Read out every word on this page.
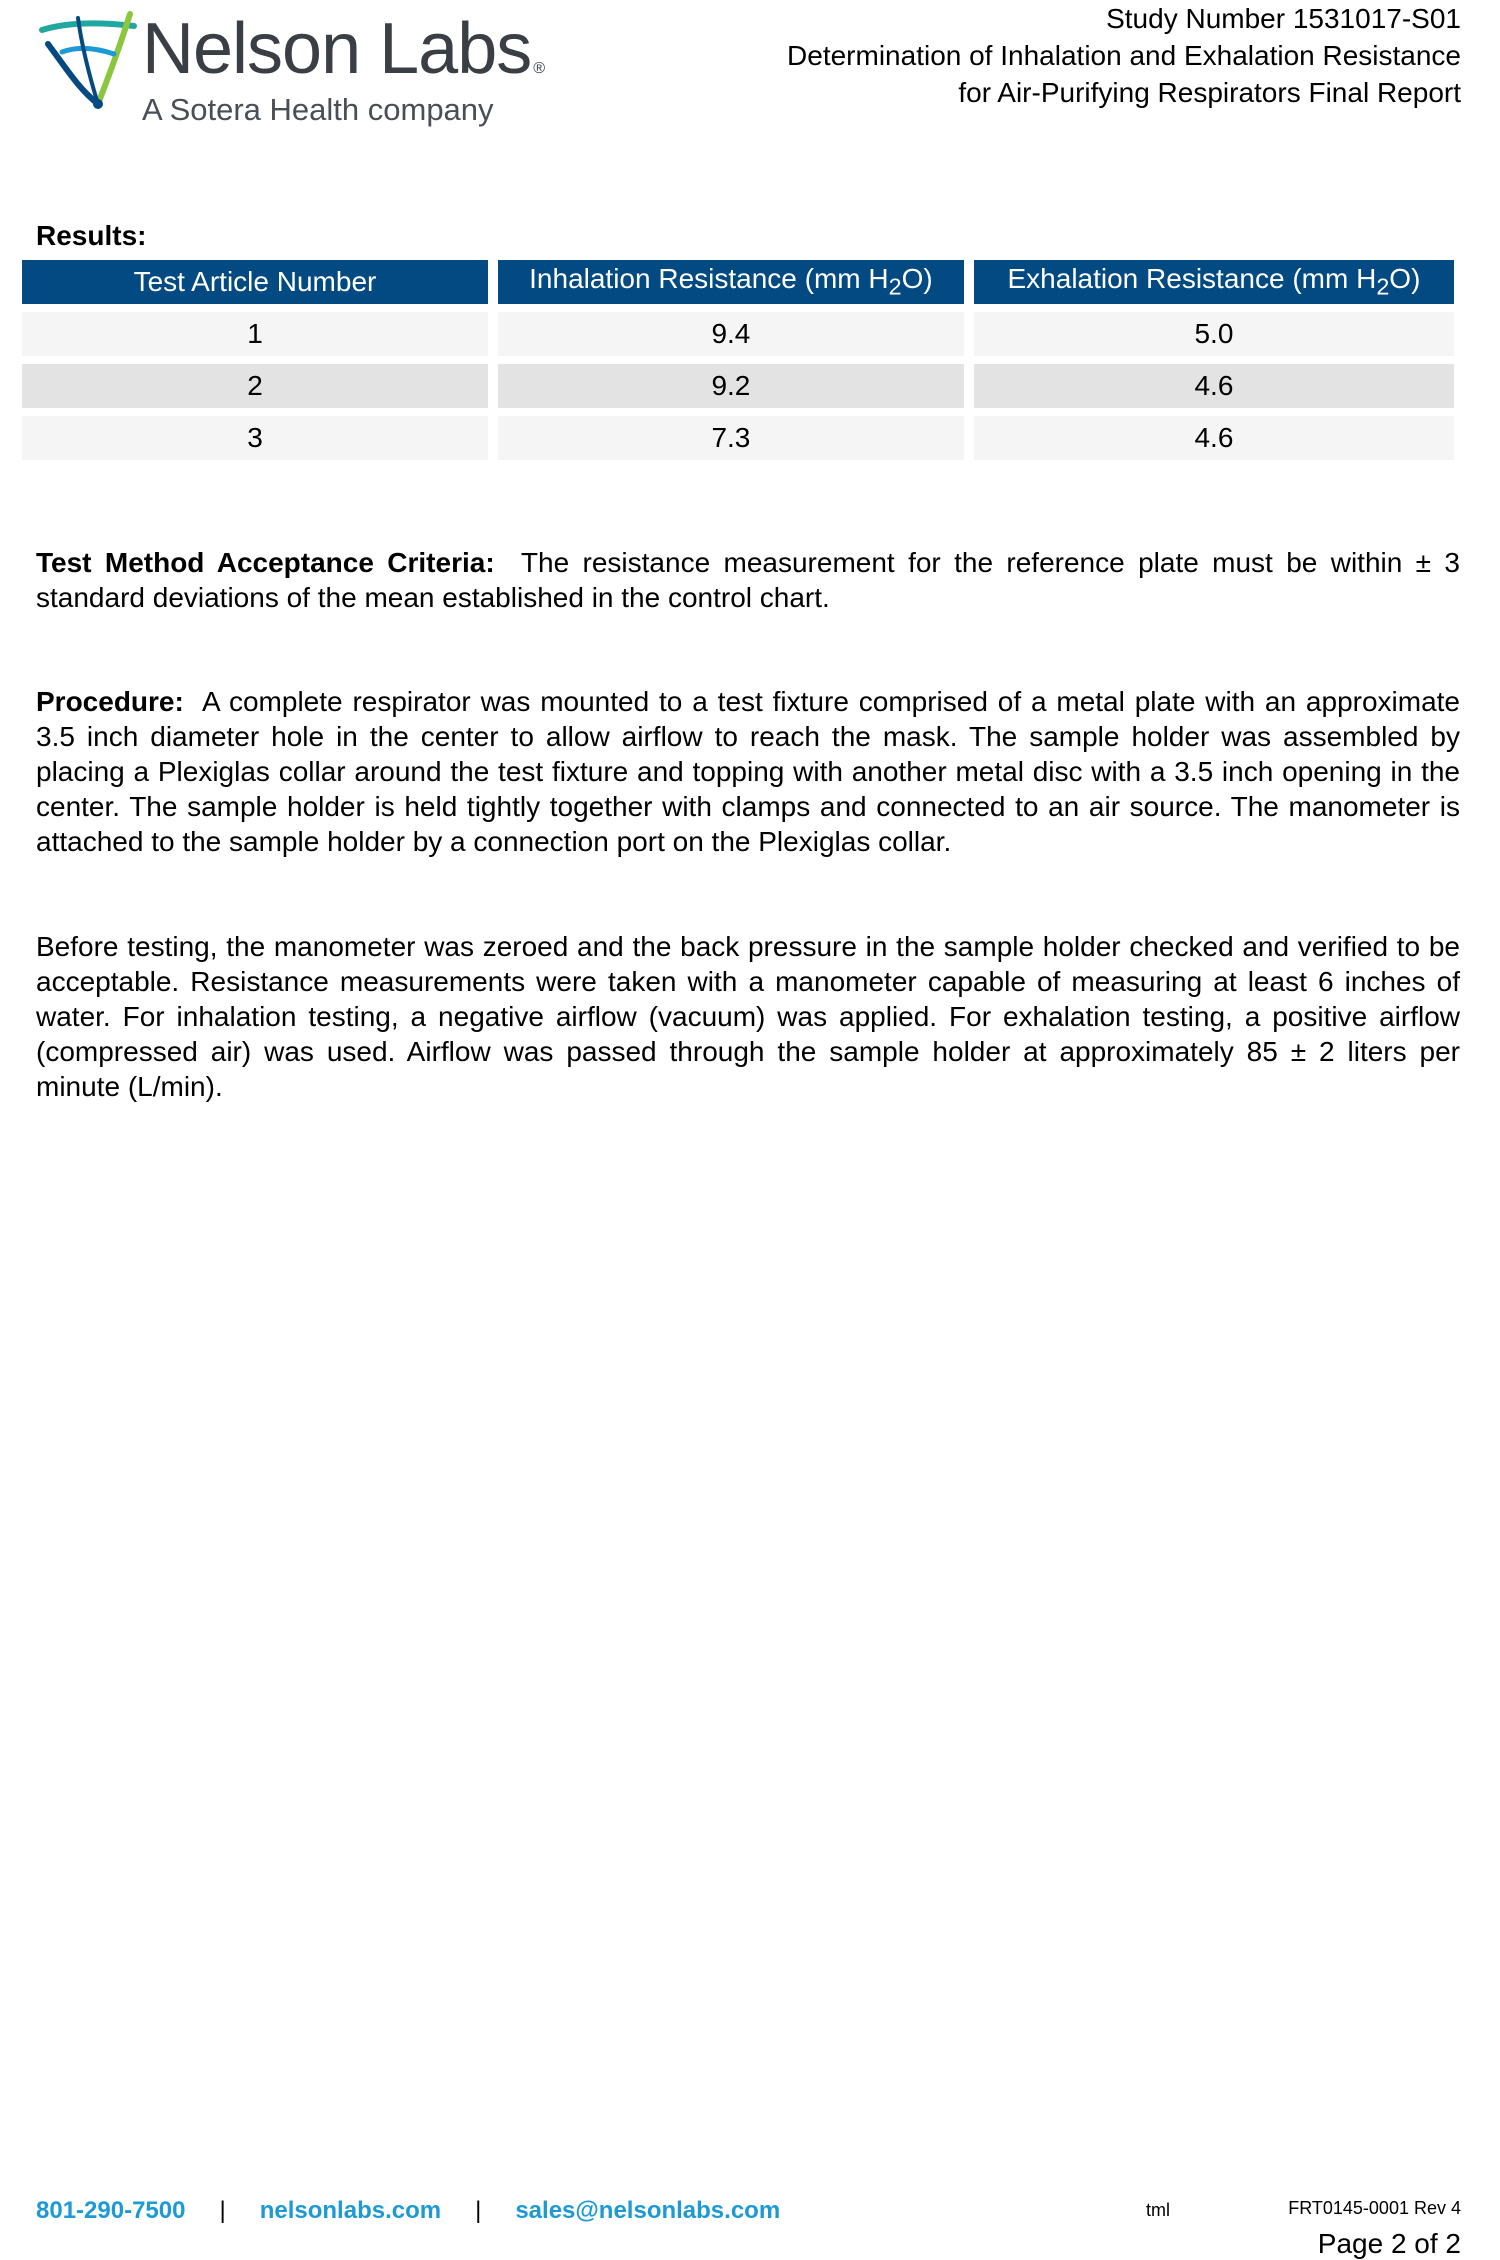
Nelson Labs ®
A Sotera Health company
Study Number 1531017-S01
Determination of Inhalation and Exhalation Resistance
for Air-Purifying Respirators Final Report
Results:
Test Article Number	Inhalation Resistance (mm $H_2O$)	Exhalation Resistance (mm $H_2O$)
1	9.4	5.0
2	9.2	4.6
3	7.3	4.6
Test Method Acceptance Criteria: The resistance measurement for the reference plate must be within ± 3 standard deviations of the mean established in the control chart.
Procedure: A complete respirator was mounted to a test fixture comprised of a metal plate with an approximate 3.5 inch diameter hole in the center to allow airflow to reach the mask. The sample holder was assembled by placing a Plexiglas collar around the test fixture and topping with another metal disc with a 3.5 inch opening in the center. The sample holder is held tightly together with clamps and connected to an air source. The manometer is attached to the sample holder by a connection port on the Plexiglas collar.
Before testing, the manometer was zeroed and the back pressure in the sample holder checked and verified to be acceptable. Resistance measurements were taken with a manometer capable of measuring at least 6 inches of water. For inhalation testing, a negative airflow (vacuum) was applied. For exhalation testing, a positive airflow (compressed air) was used. Airflow was passed through the sample holder at approximately 85 ± 2 liters per minute (L/min).
801-290-7500 | nelsonlabs.com | sales@nelsonlabs.com	tml	FRT0145-0001 Rev 4
Page 2 of 2
